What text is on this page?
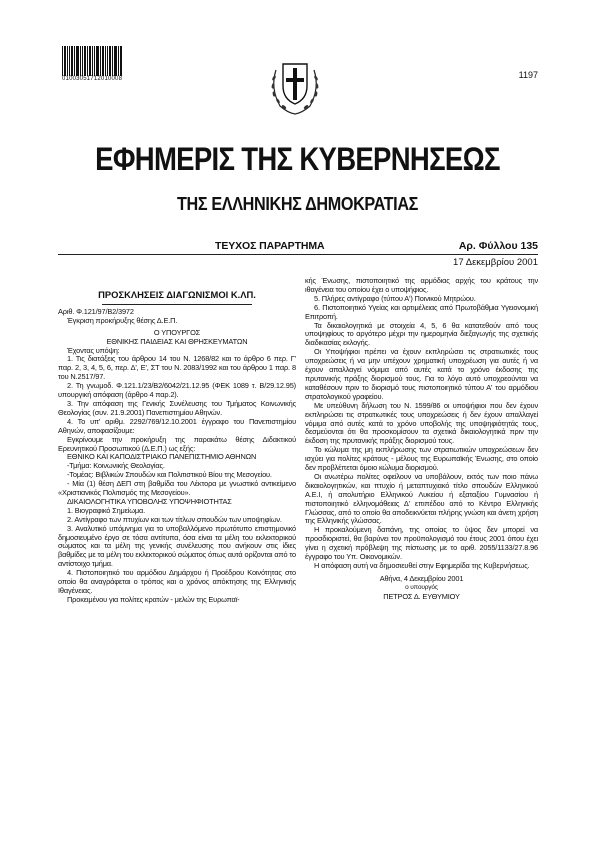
01003051712010008	1197
ΕΦΗΜΕΡΙΣ ΤΗΣ ΚΥΒΕΡΝΗΣΕΩΣ
ΤΗΣ ΕΛΛΗΝΙΚΗΣ ΔΗΜΟΚΡΑΤΙΑΣ
ΤΕΥΧΟΣ ΠΑΡΑΡΤΗΜΑ	Αρ. Φύλλου 135
17 Δεκεμβρίου 2001

ΠΡΟΣΚΛΗΣΕΙΣ ΔΙΑΓΩΝΙΣΜΟΙ Κ.ΛΠ.

Αριθ. Φ.121/97/Β2/3972

Έγκριση προκήρυξης θέσης Δ.Ε.Π.

Ο ΥΠΟΥΡΓΟΣ

ΕΘΝΙΚΗΣ ΠΑΙΔΕΙΑΣ ΚΑΙ ΘΡΗΣΚΕΥΜΑΤΩΝ

Έχοντας υπόψη:

1. Τις διατάξεις του άρθρου 14 του Ν. 1268/82 και το άρθρο 6 περ. Γ' παρ. 2, 3, 4, 5, 6, περ. Δ', Ε', ΣΤ του Ν. 2083/1992 και του άρθρου 1 παρ. 8 του Ν.2517/97.

2. Τη γνωμοδ. Φ.121.1/23/Β2/6042/21.12.95 (ΦΕΚ 1089 τ. Β/29.12.95) υπουργική απόφαση (άρθρο 4 παρ.2).

3. Την απόφαση της Γενικής Συνέλευσης του Τμήματος Κοινωνικής Θεολογίας (συν. 21.9.2001) Πανεπιστημίου Αθηνών.

4. Το υπ' αριθμ. 2292/769/12.10.2001 έγγραφο του Πανεπιστημίου Αθηνών, αποφασίζουμε:

Εγκρίνουμε την προκήρυξη της παρακάτω θέσης Διδακτικού Ερευνητικού Προσωπικού (Δ.Ε.Π.) ως εξής:

ΕΘΝΙΚΟ ΚΑΙ ΚΑΠΟΔΙΣΤΡΙΑΚΟ ΠΑΝΕΠΙΣΤΗΜΙΟ ΑΘΗΝΩΝ

-Τμήμα: Κοινωνικής Θεολογίας.

-Τομέας: Βιβλικών Σπουδών και Πολιτιστικού Βίου της Μεσογείου.

- Μία (1) θέση ΔΕΠ στη βαθμίδα του Λέκτορα με γνωστικό αντικείμενο «Χριστιανικός Πολιτισμός της Μεσογείου».

ΔΙΚΑΙΟΛΟΓΗΤΙΚΑ ΥΠΟΒΟΛΗΣ ΥΠΟΨΗΦΙΟΤΗΤΑΣ

1. Βιογραφικό Σημείωμα.

2. Αντίγραφο των πτυχίων και των τίτλων σπουδών των υποψηφίων.

3. Αναλυτικό υπόμνημα για το υποβαλλόμενο πρωτότυπο επιστημονικό δημοσιευμένο έργο σε τόσα αντίτυπα, όσα είναι τα μέλη του εκλεκτορικού σώματος και τα μέλη της γενικής συνέλευσης που ανήκουν στις ίδιες βαθμίδες με τα μέλη του εκλεκτορικού σώματος όπως αυτά ορίζονται από το αντίστοιχο τμήμα.

4. Πιστοποιητικό του αρμόδιου Δημάρχου ή Προέδρου Κοινότητας στο οποίο θα αναγράφεται ο τρόπος και ο χρόνος απόκτησης της Ελληνικής Ιθαγένειας.

Προκειμένου για πολίτες κρατών - μελών της Ευρωπαϊ-

κής Ένωσης, πιστοποιητικό της αρμόδιας αρχής του κράτους την ιθαγένεια του οποίου έχει ο υποψήφιος.

5. Πλήρες αντίγραφο (τύπου Α') Ποινικού Μητρώου.

6. Πιστοποιητικό Υγείας και αρτιμέλειας από Πρωτοβάθμια Υγειονομική Επιτροπή.

Τα δικαιολογητικά με στοιχεία 4, 5, 6 θα κατατεθούν από τους υποψηφίους το αργότερο μέχρι την ημερομηνία διεξαγωγής της σχετικής διαδικασίας εκλογής.

Οι Υποψήφιοι πρέπει να έχουν εκπληρώσει τις στρατιωτικές τους υποχρεώσεις ή να μην υπέχουν χρηματική υποχρέωση για αυτές ή να έχουν απαλλαγεί νόμιμα από αυτές κατά το χρόνο έκδοσης της πρυτανικής πράξης διορισμού τους. Για το λόγο αυτό υποχρεούνται να καταθέσουν πριν το διορισμό τους πιστοποιητικό τύπου Α' του αρμόδιου στρατολογικού γραφείου.

Με υπεύθυνη δήλωση του Ν. 1599/86 οι υποψήφιοι που δεν έχουν εκπληρώσει τις στρατιωτικές τους υποχρεώσεις ή δεν έχουν απαλλαγεί νόμιμα από αυτές κατά το χρόνο υποβολής της υποψηφιότητάς τους, δεσμεύονται ότι θα προσκομίσουν τα σχετικά δικαιολογητικά πριν την έκδοση της πρυτανικής πράξης διορισμού τους.

Το κώλυμα της μη εκπλήρωσης των στρατιωτικών υποχρεώσεων δεν ισχύει για πολίτες κράτους - μέλους της Ευρωπαϊκής Ένωσης, στο οποίο δεν προβλέπεται όμοιο κώλυμα διορισμού.

Οι ανωτέρω πολίτες οφείλουν να υποβάλουν, εκτός των ποιο πάνω δικαιολογητικών, και πτυχίο ή μεταπτυχιακό τίτλο σπουδών Ελληνικού Α.Ε.Ι, ή απολυτήριο Ελληνικού Λυκείου ή εξαταξίου Γυμνασίου ή πιστοποιητικό ελληνομάθειας Δ' επιπέδου από το Κέντρο Ελληνικής Γλώσσας, από το οποίο θα αποδεικνύεται πλήρης γνώση και άνετη χρήση της Ελληνικής γλώσσας.

Η προκαλούμενη δαπάνη, της οποίας το ύψος δεν μπορεί να προσδιοριστεί, θα βαρύνει τον προϋπολογισμό του έτους 2001 όπου έχει γίνει η σχετική πρόβλεψη της πίστωσης με το αριθ. 2055/1133/27.8.96 έγγραφο του Υπ. Οικονομικών.

Η απόφαση αυτή να δημοσιευθεί στην Εφημερίδα της Κυβερνήσεως.

Αθήνα, 4 Δεκεμβρίου 2001

ο υπουργός

ΠΕΤΡΟΣ Δ. ΕΥΘΥΜΙΟΥ
